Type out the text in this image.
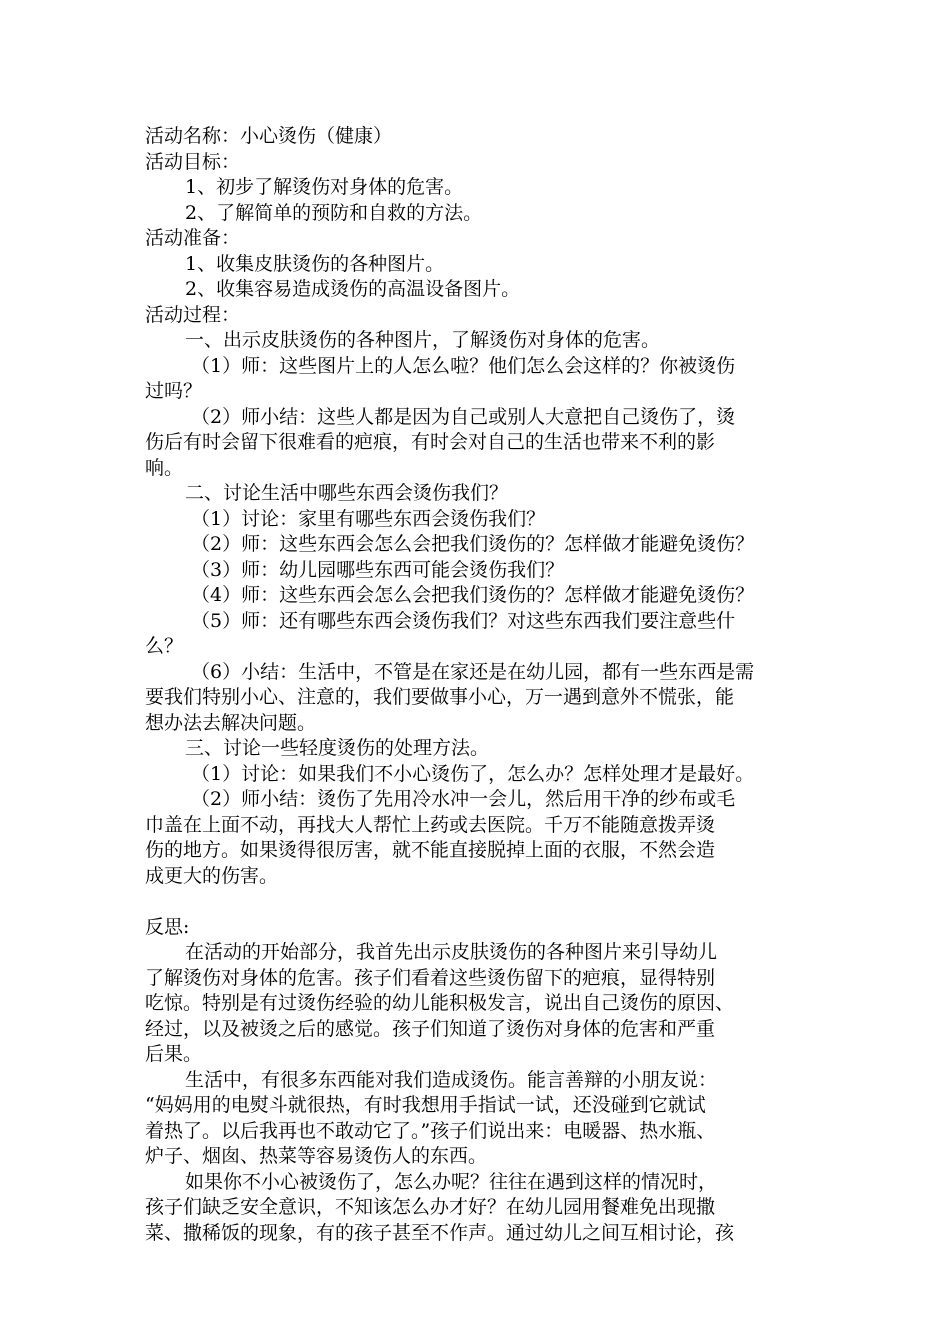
活动名称：小心烫伤（健康）
活动目标：
1、初步了解烫伤对身体的危害。
2、了解简单的预防和自救的方法。
活动准备：
1、收集皮肤烫伤的各种图片。
2、收集容易造成烫伤的高温设备图片。
活动过程：
一、出示皮肤烫伤的各种图片，了解烫伤对身体的危害。
（1）师：这些图片上的人怎么啦？他们怎么会这样的？你被烫伤
过吗？
（2）师小结：这些人都是因为自己或别人大意把自己烫伤了，烫
伤后有时会留下很难看的疤痕，有时会对自己的生活也带来不利的影
响。
二、讨论生活中哪些东西会烫伤我们？
（1）讨论：家里有哪些东西会烫伤我们？
（2）师：这些东西会怎么会把我们烫伤的？怎样做才能避免烫伤？
（3）师：幼儿园哪些东西可能会烫伤我们？
（4）师：这些东西会怎么会把我们烫伤的？怎样做才能避免烫伤？
（5）师：还有哪些东西会烫伤我们？对这些东西我们要注意些什
么？
（6）小结：生活中，不管是在家还是在幼儿园，都有一些东西是需
要我们特别小心、注意的，我们要做事小心，万一遇到意外不慌张，能
想办法去解决问题。
三、讨论一些轻度烫伤的处理方法。
（1）讨论：如果我们不小心烫伤了，怎么办？怎样处理才是最好。
（2）师小结：烫伤了先用冷水冲一会儿，然后用干净的纱布或毛
巾盖在上面不动，再找大人帮忙上药或去医院。千万不能随意拨弄烫
伤的地方。如果烫得很厉害，就不能直接脱掉上面的衣服，不然会造
成更大的伤害。
反思:
在活动的开始部分，我首先出示皮肤烫伤的各种图片来引导幼儿
了解烫伤对身体的危害。孩子们看着这些烫伤留下的疤痕，显得特别
吃惊。特别是有过烫伤经验的幼儿能积极发言，说出自己烫伤的原因、
经过，以及被烫之后的感觉。孩子们知道了烫伤对身体的危害和严重
后果。
生活中，有很多东西能对我们造成烫伤。能言善辩的小朋友说：
“妈妈用的电熨斗就很热，有时我想用手指试一试，还没碰到它就试
着热了。以后我再也不敢动它了。”孩子们说出来：电暖器、热水瓶、
炉子、烟囱、热菜等容易烫伤人的东西。
如果你不小心被烫伤了，怎么办呢？往往在遇到这样的情况时，
孩子们缺乏安全意识，不知该怎么办才好？在幼儿园用餐难免出现撒
菜、撒稀饭的现象，有的孩子甚至不作声。通过幼儿之间互相讨论，孩
